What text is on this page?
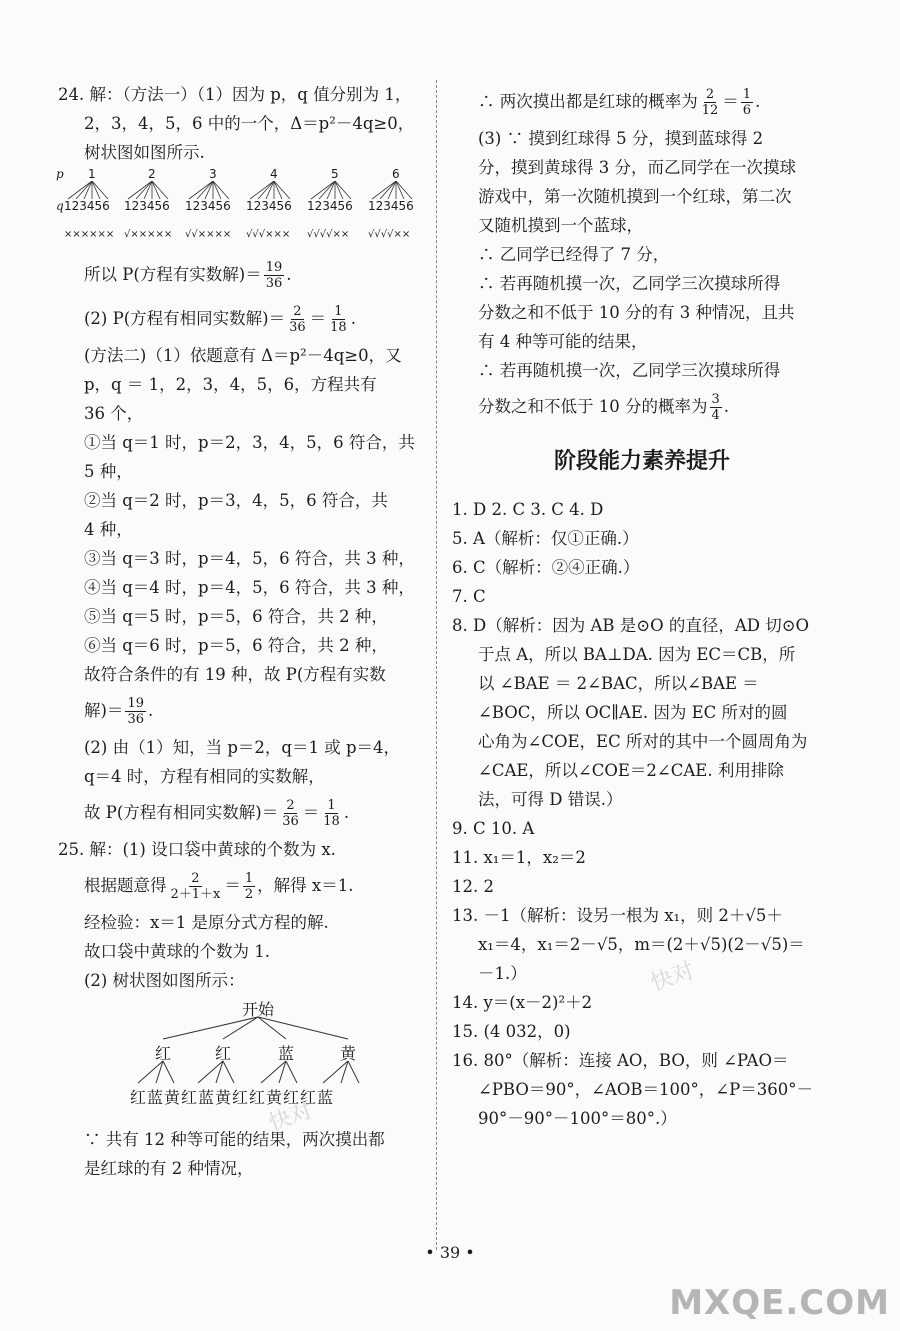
24. 解：（方法一）（1）因为 p，q 值分别为 1，
2，3，4，5，6 中的一个，Δ＝p²－4q≥0，
树状图如图所示.
p
q
1
123456
××××××
2
123456
√×××××
3
123456
√√××××
4
123456
√√√×××
5
123456
√√√√××
6
123456
√√√√××
所以 P(方程有实数解)＝ $\frac{19}{36}$ .
(2) P(方程有相同实数解)＝ $\frac{2}{36} = \frac{1}{18}$ .
(方法二)（1）依题意有 Δ＝p²－4q≥0，又
p，q ＝ 1，2，3，4，5，6，方程共有
36 个，
①当 q＝1 时，p＝2，3，4，5，6 符合，共
5 种，
②当 q＝2 时，p＝3，4，5，6 符合，共
4 种，
③当 q＝3 时，p＝4，5，6 符合，共 3 种，
④当 q＝4 时，p＝4，5，6 符合，共 3 种，
⑤当 q＝5 时，p＝5，6 符合，共 2 种，
⑥当 q＝6 时，p＝5，6 符合，共 2 种，
故符合条件的有 19 种，故 P(方程有实数
解)＝ $\frac{19}{36}$ .
(2) 由（1）知，当 p＝2，q＝1 或 p＝4，
q＝4 时，方程有相同的实数解，
故 P(方程有相同实数解)＝ $\frac{2}{36} = \frac{1}{18}$ .
25. 解：(1) 设口袋中黄球的个数为 x.
根据题意得 $\frac{2}{2+1+x} = \frac{1}{2}$ ，解得 x＝1.
经检验：x＝1 是原分式方程的解.
故口袋中黄球的个数为 1.
(2) 树状图如图所示：
开始
红	红	蓝	黄
红蓝黄红蓝黄红红黄红红蓝
∵ 共有 12 种等可能的结果，两次摸出都
是红球的有 2 种情况，
∴ 两次摸出都是红球的概率为 $\frac{2}{12} = \frac{1}{6}$ .
(3) ∵ 摸到红球得 5 分，摸到蓝球得 2
分，摸到黄球得 3 分，而乙同学在一次摸球
游戏中，第一次随机摸到一个红球，第二次
又随机摸到一个蓝球，
∴ 乙同学已经得了 7 分，
∴ 若再随机摸一次，乙同学三次摸球所得
分数之和不低于 10 分的有 3 种情况，且共
有 4 种等可能的结果，
∴ 若再随机摸一次，乙同学三次摸球所得
分数之和不低于 10 分的概率为 $\frac{3}{4}$ .
阶段能力素养提升
1. D 2. C 3. C 4. D
5. A（解析：仅①正确.）
6. C（解析：②④正确.）
7. C
8. D（解析：因为 AB 是⊙O 的直径，AD 切⊙O
于点 A，所以 BA⊥DA. 因为 EC＝CB，所
以 ∠BAE ＝ 2∠BAC，所以∠BAE ＝
∠BOC，所以 OC∥AE. 因为 EC 所对的圆
心角为∠COE，EC 所对的其中一个圆周角为
∠CAE，所以∠COE＝2∠CAE. 利用排除
法，可得 D 错误.）
9. C 10. A
11. x₁＝1，x₂＝2
12. 2
13. －1（解析：设另一根为 x₁，则 2＋√5＋
x₁＝4，x₁＝2－√5，m＝(2＋√5)(2－√5)＝
－1.）
14. y＝(x－2)²＋2
15. (4 032，0)
16. 80°（解析：连接 AO，BO，则 ∠PAO＝
∠PBO＝90°，∠AOB＝100°，∠P＝360°－
90°－90°－100°＝80°.）
快对
快对
• 39 •
MXQE.COM
